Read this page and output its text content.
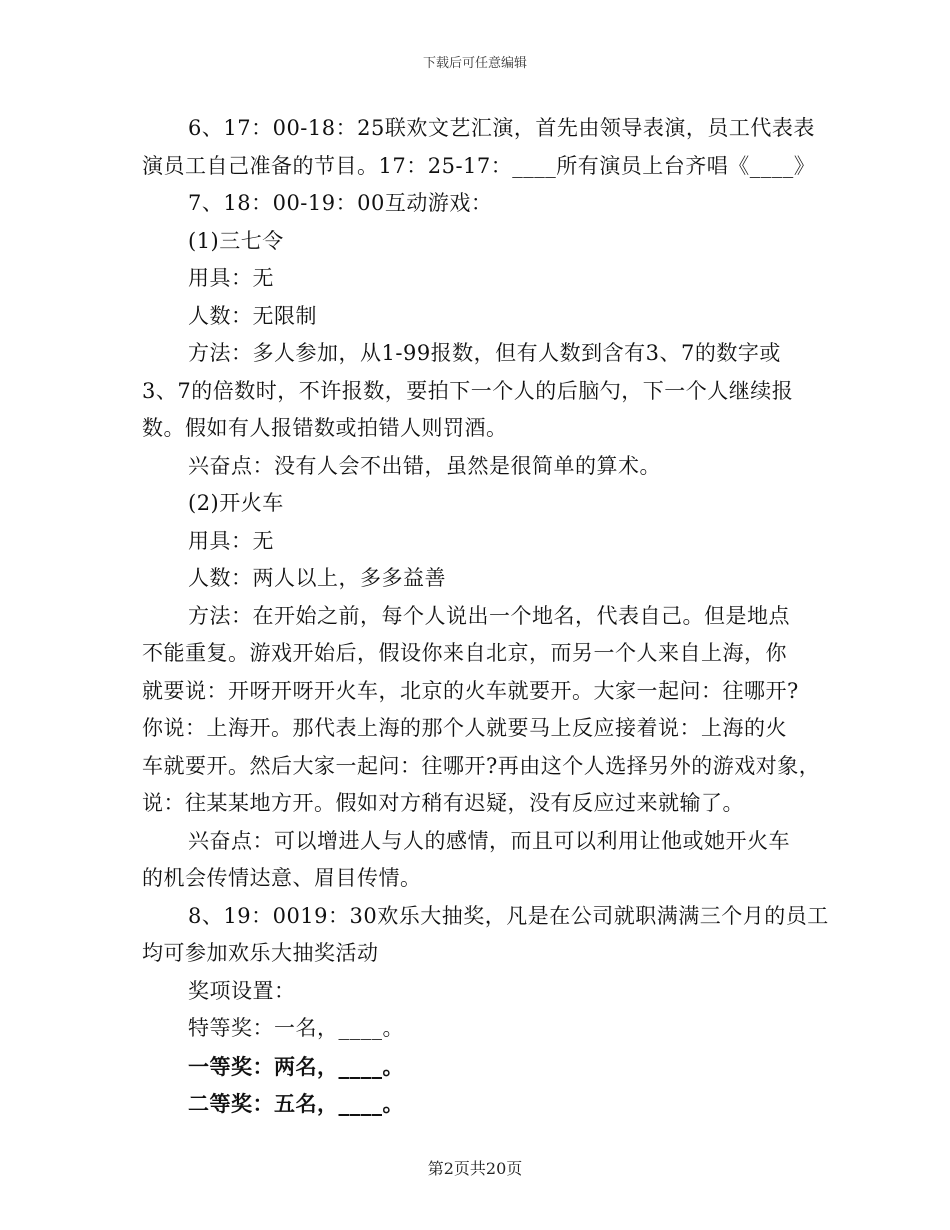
下载后可任意编辑
6、17：00-18：25联欢文艺汇演，首先由领导表演，员工代表表
演员工自己准备的节目。17：25-17：____所有演员上台齐唱《____》
7、18：00-19：00互动游戏：
(1)三七令
用具：无
人数：无限制
方法：多人参加，从1-99报数，但有人数到含有3、7的数字或
3、7的倍数时，不许报数，要拍下一个人的后脑勺，下一个人继续报
数。假如有人报错数或拍错人则罚酒。
兴奋点：没有人会不出错，虽然是很简单的算术。
(2)开火车
用具：无
人数：两人以上，多多益善
方法：在开始之前，每个人说出一个地名，代表自己。但是地点
不能重复。游戏开始后，假设你来自北京，而另一个人来自上海，你
就要说：开呀开呀开火车，北京的火车就要开。大家一起问：往哪开?
你说：上海开。那代表上海的那个人就要马上反应接着说：上海的火
车就要开。然后大家一起问：往哪开?再由这个人选择另外的游戏对象，
说：往某某地方开。假如对方稍有迟疑，没有反应过来就输了。
兴奋点：可以增进人与人的感情，而且可以利用让他或她开火车
的机会传情达意、眉目传情。
8、19：0019：30欢乐大抽奖，凡是在公司就职满满三个月的员工
均可参加欢乐大抽奖活动
奖项设置：
特等奖：一名，____。
一等奖：两名，____。
二等奖：五名，____。
第2页共20页
